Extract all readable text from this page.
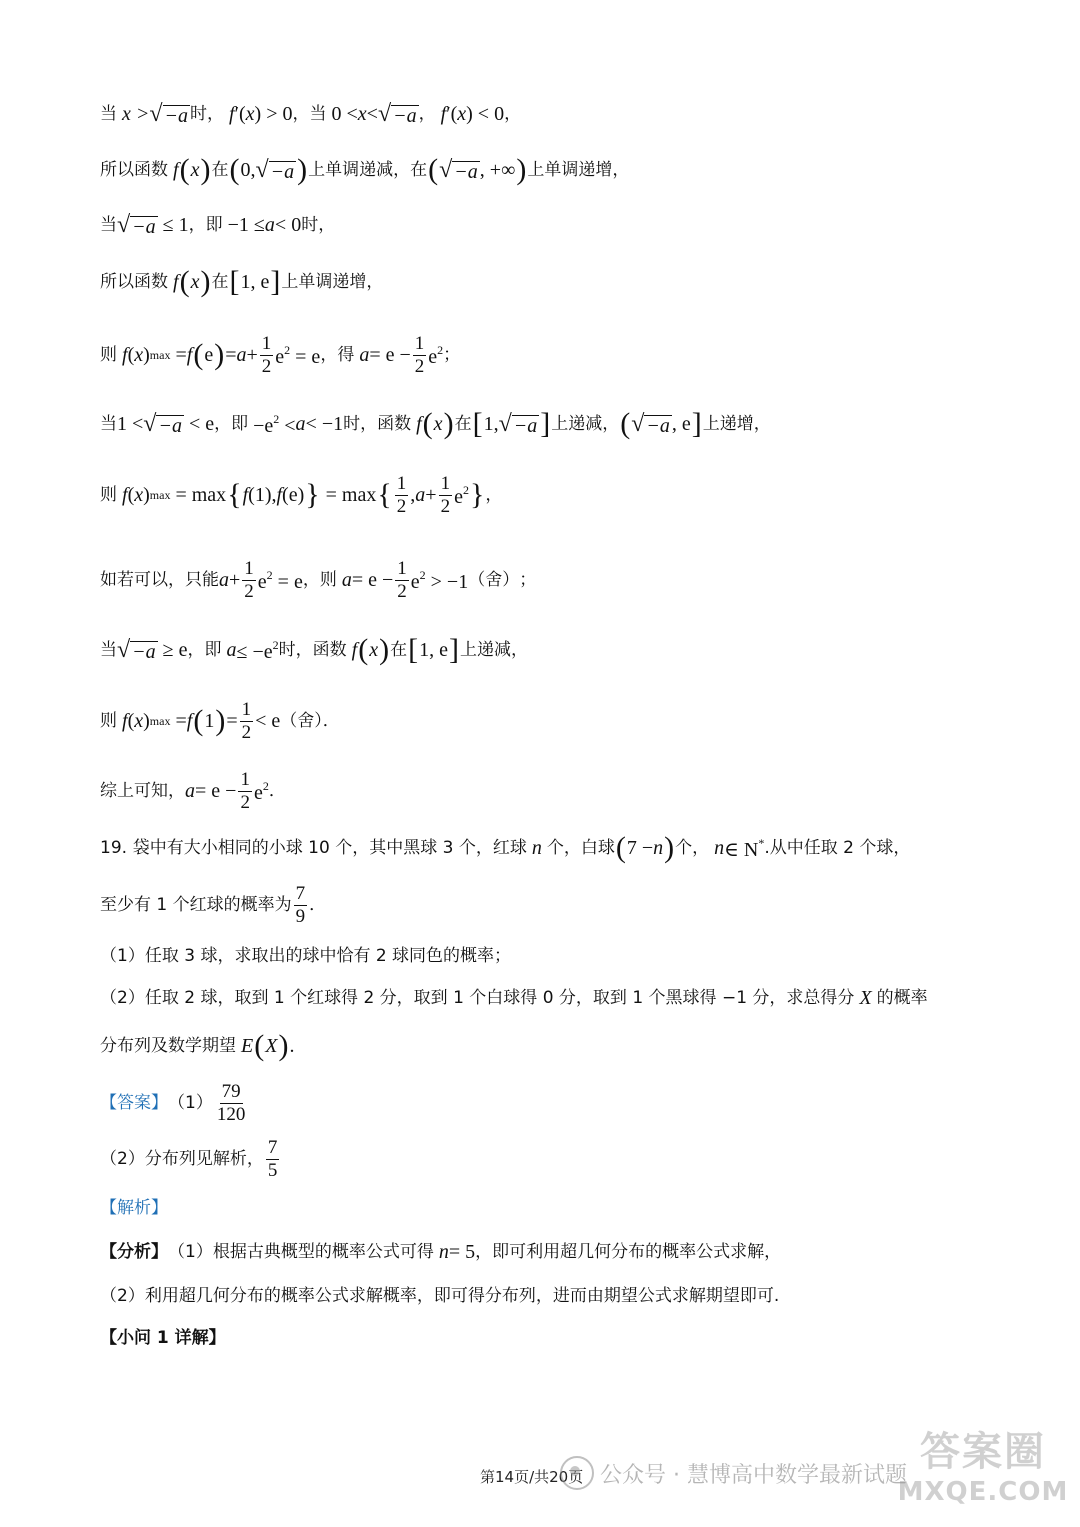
当 x > √ −a 时， f ′( x ) > 0 ， 当 0 < x < √ −a ， f ′( x ) < 0 ，
所以函数 f ( x ) 在 ( 0, √ −a ) 上单调递减，在 ( √ −a , +∞ ) 上单调递增，
当 √ −a ≤ 1 ， 即 −1 ≤ a < 0 时，
所以函数 f ( x ) 在 [ 1, e ] 上单调递增，
则 f ( x ) max = f ( e ) = $a + \frac{1}{2} e^2 = e$ ， 得 $a = e - \frac{1}{2} e^2$ ；
当 1 < √ −a < e ， 即 $-e^2 < a < -1$ 时， 函数 f ( x ) 在 [ 1, √ −a ] 上递减， ( √ −a , e ] 上递增，
则 f ( x ) max = max { f (1), f (e) } = max { $\frac{1}{2}$ , $a + \frac{1}{2} e^2$ } ，
如若可以，只能 $a + \frac{1}{2} e^2 = e$ ，则 $a = e - \frac{1}{2} e^2 > -1$ （舍） ；
当 √ −a ≥ e ， 即 $a \le -e^2$ 时， 函数 f ( x ) 在 [ 1, e ] 上递减，
则 f ( x ) max = f ( 1 ) = $\frac{1}{2} < e$ （舍）．
综上可知， $a = e - \frac{1}{2} e^2$ ．
19.
袋中有大小相同的小球 10 个，其中黑球 3 个，红球 n 个，白球 ( 7 − n ) 个， n ∈ N* .从中任取 2 个球，
至少有 1 个红球的概率为 $\frac{7}{9}$ ．
（1）任取 3 球，求取出的球中恰有 2 球同色的概率；
（2）任取 2 球，取到 1 个红球得 2 分，取到 1 个白球得 0 分，取到 1 个黑球得 −1 分，求总得分 X 的概率
分布列及数学期望 E ( X ) .
【答案】 $(1) \frac{79}{120}$
（2）分布列见解析， $\frac{7}{5}$
【解析】
【分析】 （1）根据古典概型的概率公式可得 n = 5 ，即可利用超几何分布的概率公式求解，
（2）利用超几何分布的概率公式求解概率，即可得分布列，进而由期望公式求解期望即可.
【小问 1 详解】
第14页/共20页 公众号 · 慧博高中数学最新试题
答案圈
MXQE.COM
